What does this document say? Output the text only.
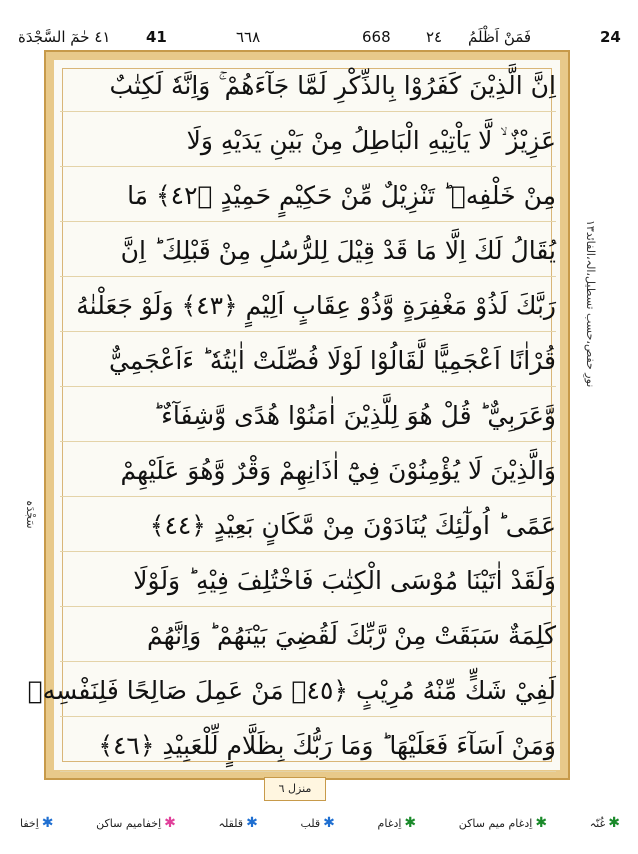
٤١ حٰمٓ السَّجْدَة 41	٦٦٨	668 ٢٤ فَمَنْ اَظْلَمُ	24
اِنَّ الَّذِيْنَ كَفَرُوْا بِالذِّكْرِ لَمَّا جَآءَهُمْ ۚ وَاِنَّهٗ لَكِتٰبٌ
عَزِيْزٌ ۙ لَّا يَاْتِيْهِ الْبَاطِلُ مِنْ بَيْنِ يَدَيْهِ وَلَا
مِنْ خَلْفِهٖ ؕ تَنْزِيْلٌ مِّنْ حَكِيْمٍ حَمِيْدٍ ﴿٤٢﴾ مَا
يُقَالُ لَكَ اِلَّا مَا قَدْ قِيْلَ لِلرُّسُلِ مِنْ قَبْلِكَ ؕ اِنَّ
رَبَّكَ لَذُوْ مَغْفِرَةٍ وَّذُوْ عِقَابٍ اَلِيْمٍ ﴿٤٣﴾ وَلَوْ جَعَلْنٰهُ
قُرْاٰنًا اَعْجَمِيًّا لَّقَالُوْا لَوْلَا فُصِّلَتْ اٰيٰتُهٗ ؕ ءَاَعْجَمِيٌّ
وَّعَرَبِيٌّ ؕ قُلْ هُوَ لِلَّذِيْنَ اٰمَنُوْا هُدًى وَّشِفَآءٌ ؕ
وَالَّذِيْنَ لَا يُؤْمِنُوْنَ فِيْٓ اٰذَانِهِمْ وَقْرٌ وَّهُوَ عَلَيْهِمْ
عَمًى ؕ اُولٰٓئِكَ يُنَادَوْنَ مِنْ مَّكَانٍ بَعِيْدٍ ﴿٤٤﴾
وَلَقَدْ اٰتَيْنَا مُوْسَى الْكِتٰبَ فَاخْتُلِفَ فِيْهِ ؕ وَلَوْلَا
كَلِمَةٌ سَبَقَتْ مِنْ رَّبِّكَ لَقُضِيَ بَيْنَهُمْ ؕ وَاِنَّهُمْ
لَفِيْ شَكٍّ مِّنْهُ مُرِيْبٍ ﴿٤٥﴾ مَنْ عَمِلَ صَالِحًا فَلِنَفْسِهٖ
وَمَنْ اَسَآءَ فَعَلَيْهَا ؕ وَمَا رَبُّكَ بِظَلَّامٍ لِّلْعَبِيْدِ ﴿٤٦﴾
نورِ حفص،حسب تسطیل،الہ،الفائد۱۳
سَجْدَہ
منزل ٦
✱
اِخفا	✱
اِخفامیم ساکن	✱
قلقلہ	✱
قلب	✱
اِدغام	✱
اِدغام میم ساکن	✱
غُنّہ
